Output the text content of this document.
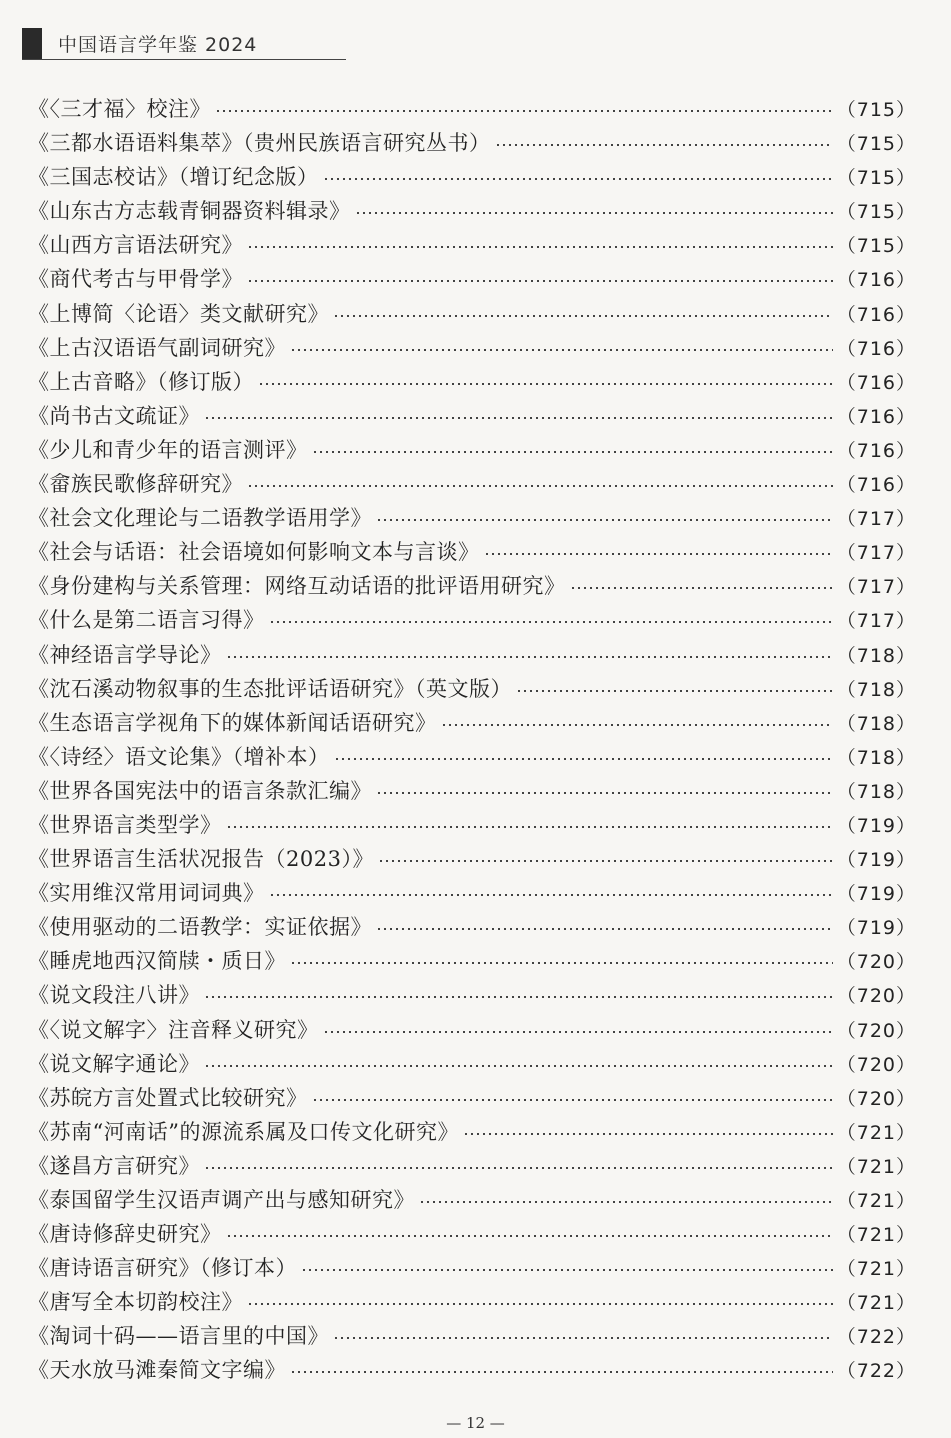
中国语言学年鉴 2024
《〈三才福〉校注》	（715）
《三都水语语料集萃》（贵州民族语言研究丛书）	（715）
《三国志校诂》（增订纪念版）	（715）
《山东古方志载青铜器资料辑录》	（715）
《山西方言语法研究》	（715）
《商代考古与甲骨学》	（716）
《上博简〈论语〉类文献研究》	（716）
《上古汉语语气副词研究》	（716）
《上古音略》（修订版）	（716）
《尚书古文疏证》	（716）
《少儿和青少年的语言测评》	（716）
《畲族民歌修辞研究》	（716）
《社会文化理论与二语教学语用学》	（717）
《社会与话语：社会语境如何影响文本与言谈》	（717）
《身份建构与关系管理：网络互动话语的批评语用研究》	（717）
《什么是第二语言习得》	（717）
《神经语言学导论》	（718）
《沈石溪动物叙事的生态批评话语研究》（英文版）	（718）
《生态语言学视角下的媒体新闻话语研究》	（718）
《〈诗经〉语文论集》（增补本）	（718）
《世界各国宪法中的语言条款汇编》	（718）
《世界语言类型学》	（719）
《世界语言生活状况报告（2023）》	（719）
《实用维汉常用词词典》	（719）
《使用驱动的二语教学：实证依据》	（719）
《睡虎地西汉简牍・质日》	（720）
《说文段注八讲》	（720）
《〈说文解字〉注音释义研究》	（720）
《说文解字通论》	（720）
《苏皖方言处置式比较研究》	（720）
《苏南“河南话”的源流系属及口传文化研究》	（721）
《遂昌方言研究》	（721）
《泰国留学生汉语声调产出与感知研究》	（721）
《唐诗修辞史研究》	（721）
《唐诗语言研究》（修订本）	（721）
《唐写全本切韵校注》	（721）
《淘词十码——语言里的中国》	（722）
《天水放马滩秦简文字编》	（722）
— 12 —
